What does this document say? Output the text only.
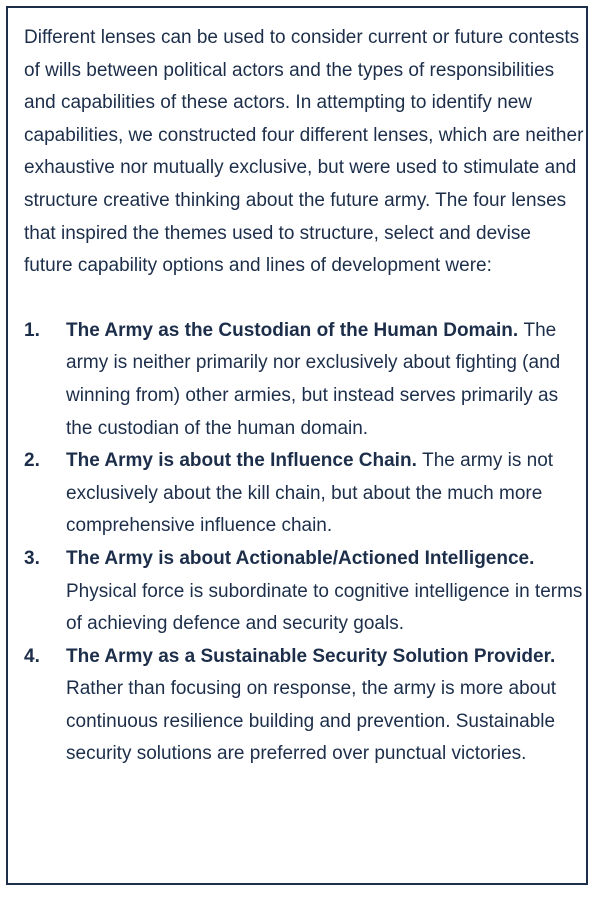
Different lenses can be used to consider current or future contests of wills between political actors and the types of responsibilities and capabilities of these actors. In attempting to identify new capabilities, we constructed four different lenses, which are neither exhaustive nor mutually exclusive, but were used to stimulate and structure creative thinking about the future army. The four lenses that inspired the themes used to structure, select and devise future capability options and lines of development were:

1. The Army as the Custodian of the Human Domain. The army is neither primarily nor exclusively about fighting (and winning from) other armies, but instead serves primarily as the custodian of the human domain.
2. The Army is about the Influence Chain. The army is not exclusively about the kill chain, but about the much more comprehensive influence chain.
3. The Army is about Actionable/Actioned Intelligence. Physical force is subordinate to cognitive intelligence in terms of achieving defence and security goals.
4. The Army as a Sustainable Security Solution Provider. Rather than focusing on response, the army is more about continuous resilience building and prevention. Sustainable security solutions are preferred over punctual victories.
